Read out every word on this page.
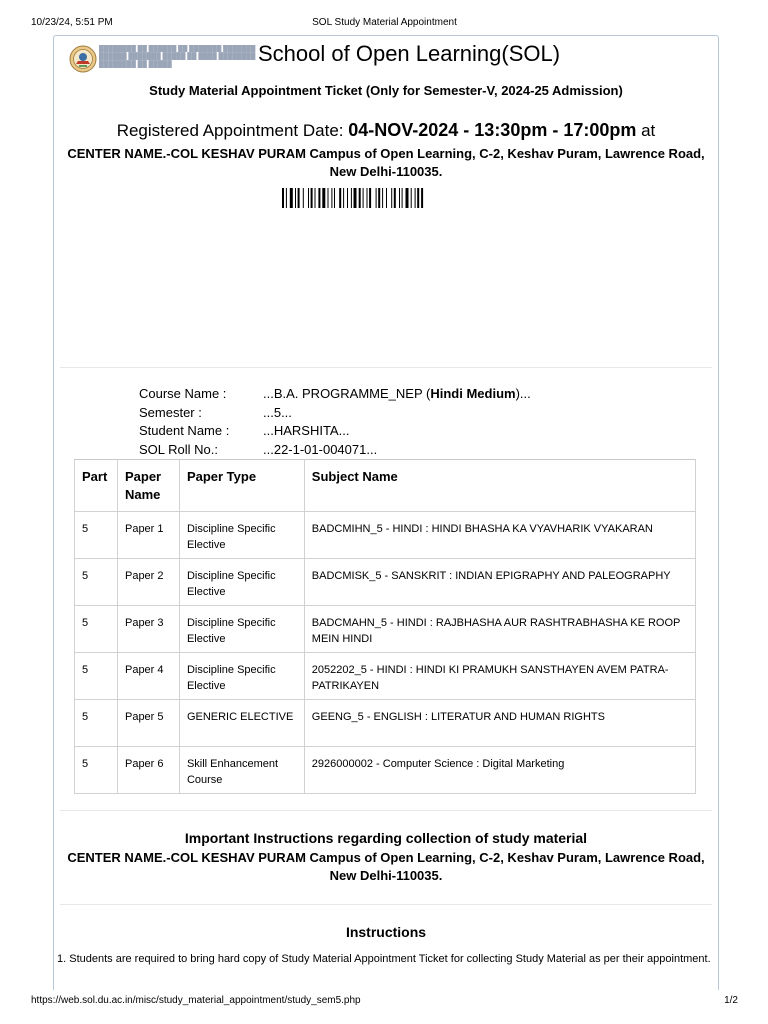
10/23/24, 5:51 PM	SOL Study Material Appointment
████████ ██ ██████ ██ ███████ ███████
██████ ███████ █████ ██ ████ ████████
████████ ██ █████	School of Open Learning(SOL)
Study Material Appointment Ticket (Only for Semester-V, 2024-25 Admission)
Registered Appointment Date: 04-NOV-2024 - 13:30pm - 17:00pm at
CENTER NAME.-COL KESHAV PURAM Campus of Open Learning, C-2, Keshav Puram, Lawrence Road, New Delhi-110035.
Course Name :	...B.A. PROGRAMME_NEP (Hindi Medium)...
Semester :	...5...
Student Name :	...HARSHITA...
SOL Roll No.:	...22-1-01-004071...
Part	Paper Name	Paper Type	Subject Name
5	Paper 1	Discipline Specific Elective	BADCMIHN_5 - HINDI : HINDI BHASHA KA VYAVHARIK VYAKARAN
5	Paper 2	Discipline Specific Elective	BADCMISK_5 - SANSKRIT : INDIAN EPIGRAPHY AND PALEOGRAPHY
5	Paper 3	Discipline Specific Elective	BADCMAHN_5 - HINDI : RAJBHASHA AUR RASHTRABHASHA KE ROOP MEIN HINDI
5	Paper 4	Discipline Specific Elective	2052202_5 - HINDI : HINDI KI PRAMUKH SANSTHAYEN AVEM PATRA-PATRIKAYEN
5	Paper 5	GENERIC ELECTIVE	GEENG_5 - ENGLISH : LITERATUR AND HUMAN RIGHTS
5	Paper 6	Skill Enhancement Course	2926000002 - Computer Science : Digital Marketing
Important Instructions regarding collection of study material
CENTER NAME.-COL KESHAV PURAM Campus of Open Learning, C-2, Keshav Puram, Lawrence Road, New Delhi-110035.
Instructions
1. Students are required to bring hard copy of Study Material Appointment Ticket for collecting Study Material as per their appointment.
https://web.sol.du.ac.in/misc/study_material_appointment/study_sem5.php	1/2
